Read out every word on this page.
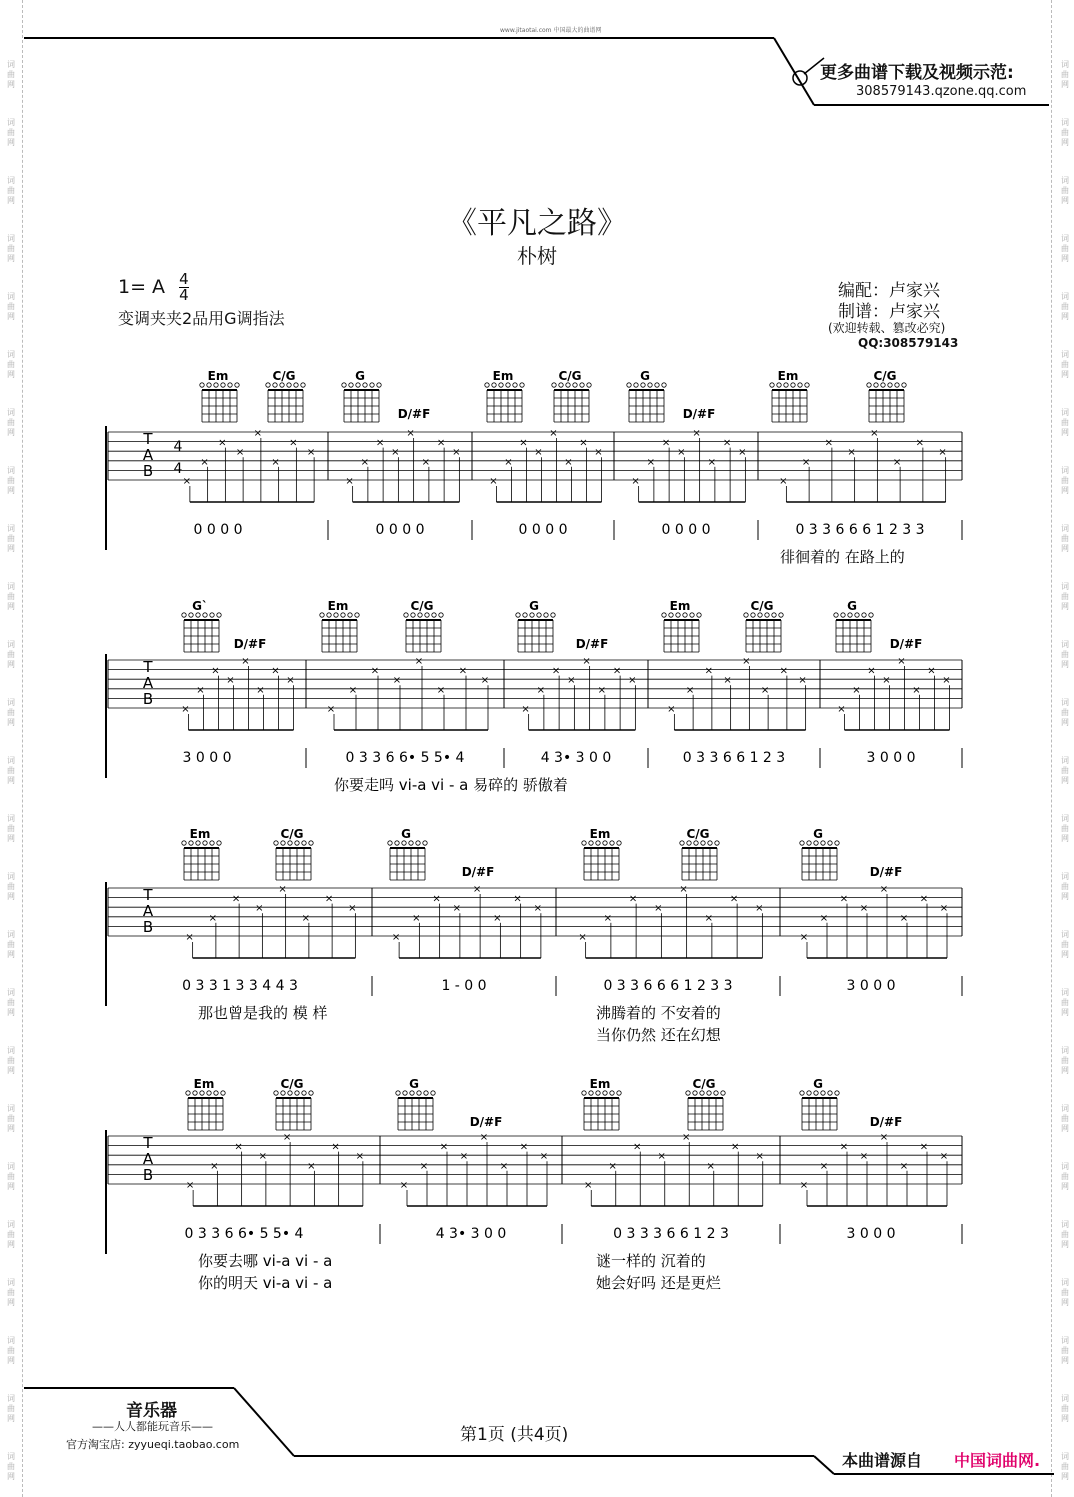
www.jitaotai.com 中国最大的曲谱网
更多曲谱下载及视频示范:
308579143.qzone.qq.com
《平凡之路》
朴树
1= A $\frac{4}{4}$
变调夹夹2品用G调指法
编配：卢家兴
制谱：卢家兴
(欢迎转载、篡改必究)
QQ:308579143
Em	C/G	G
D/#F
Em	C/G	G
D/#F
Em	C/G
T
A
B
4
4
×
×
×
×
×
×
×
×
×
×
×
×
×
×
×
×
×
×
×
×
×
×
×
×
×
×
×
×
×
×
×
×
×
×
×
×
×
×
×
×
0 0 0 0	0 0 0 0	0 0 0 0	0 0 0 0	0 3 3 6 6 6 1 2 3 3
徘徊着的 在路上的
G`
D/#F
Em	C/G	G
D/#F
Em	C/G	G
D/#F
T
A
B
×
×
×
×
×
×
×
×
×
×
×
×
×
×
×
×
×
×
×
×
×
×
×
×
×
×
×
×
×
×
×
×
×
×
×
×
×
×
×
×
3 0 0 0	0 3 3 6 6• 5 5• 4	4 3• 3 0 0	0 3 3 6 6 1 2 3	3 0 0 0
你要走吗 vi-a vi - a 易碎的 骄傲着
Em	C/G	G
D/#F
Em	C/G	G
D/#F
T
A
B
×
×
×
×
×
×
×
×
×
×
×
×
×
×
×
×
×
×
×
×
×
×
×
×
×
×
×
×
×
×
×
×
0 3 3 1 3 3 4 4 3	1 - 0 0	0 3 3 6 6 6 1 2 3 3	3 0 0 0
那也曾是我的 模 样	沸腾着的 不安着的
当你仍然 还在幻想
Em	C/G	G
D/#F
Em	C/G	G
D/#F
T
A
B
×
×
×
×
×
×
×
×
×
×
×
×
×
×
×
×
×
×
×
×
×
×
×
×
×
×
×
×
×
×
×
×
0 3 3 6 6• 5 5• 4	4 3• 3 0 0	0 3 3 3 6 6 1 2 3	3 0 0 0
你要去哪 vi-a vi - a
你的明天 vi-a vi - a
谜一样的 沉着的
她会好吗 还是更烂
音乐器
——人人都能玩音乐——
官方淘宝店: zyyueqi.taobao.com	第1页 (共4页)
本曲谱源自 中国词曲网.
词
曲
网
词
曲
网
词
曲
网
词
曲
网
词
曲
网
词
曲
网
词
曲
网
词
曲
网
词
曲
网
词
曲
网
词
曲
网
词
曲
网
词
曲
网
词
曲
网
词
曲
网
词
曲
网
词
曲
网
词
曲
网
词
曲
网
词
曲
网
词
曲
网
词
曲
网
词
曲
网
词
曲
网
词
曲
网
词
曲
网
词
曲
网
词
曲
网
词
曲
网
词
曲
网
词
曲
网
词
曲
网
词
曲
网
词
曲
网
词
曲
网
词
曲
网
词
曲
网
词
曲
网
词
曲
网
词
曲
网
词
曲
网
词
曲
网
词
曲
网
词
曲
网
词
曲
网
词
曲
网
词
曲
网
词
曲
网
词
曲
网
词
曲
网
